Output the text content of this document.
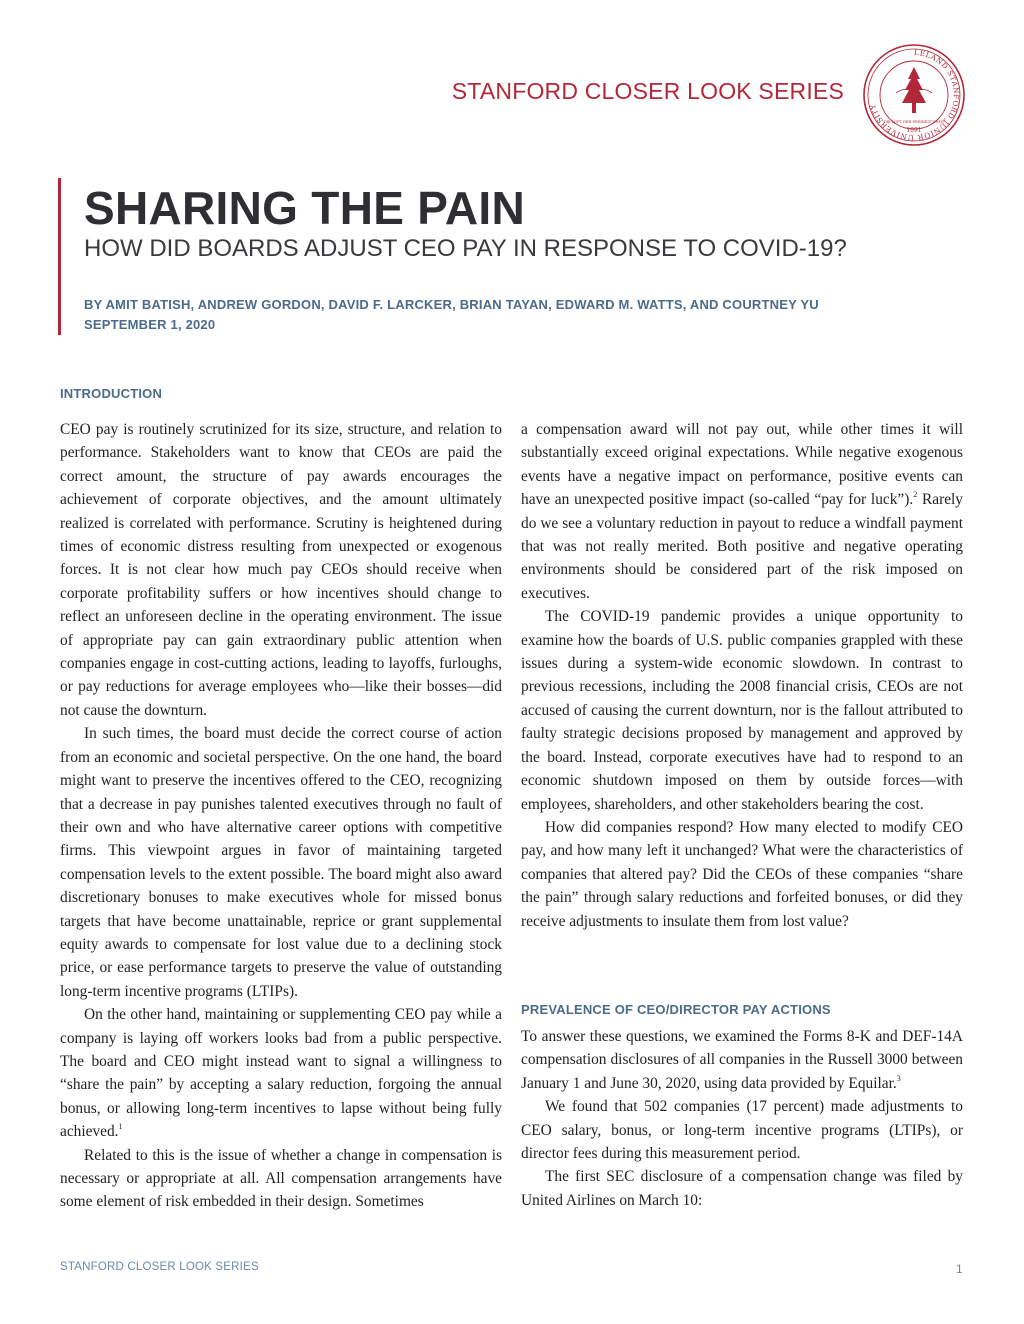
STANFORD CLOSER LOOK SERIES
LELAND STANFORD JUNIOR UNIVERSITY
DIE LUFT DER FREIHEIT WEHT
1891
SHARING THE PAIN
HOW DID BOARDS ADJUST CEO PAY IN RESPONSE TO COVID-19?
BY AMIT BATISH, ANDREW GORDON, DAVID F. LARCKER, BRIAN TAYAN, EDWARD M. WATTS, AND COURTNEY YU
SEPTEMBER 1, 2020
INTRODUCTION

CEO pay is routinely scrutinized for its size, structure, and relation to performance. Stakeholders want to know that CEOs are paid the correct amount, the structure of pay awards encourages the achievement of corporate objectives, and the amount ultimately realized is correlated with performance. Scrutiny is heightened during times of economic distress resulting from unexpected or exogenous forces. It is not clear how much pay CEOs should receive when corporate profitability suffers or how incentives should change to reflect an unforeseen decline in the operating environment. The issue of appropriate pay can gain extraordinary public attention when companies engage in cost-cutting actions, leading to layoffs, furloughs, or pay reductions for average employees who—like their bosses—did not cause the downturn.

In such times, the board must decide the correct course of action from an economic and societal perspective. On the one hand, the board might want to preserve the incentives offered to the CEO, recognizing that a decrease in pay punishes talented executives through no fault of their own and who have alternative career options with competitive firms. This viewpoint argues in favor of maintaining targeted compensation levels to the extent possible. The board might also award discretionary bonuses to make executives whole for missed bonus targets that have become unattainable, reprice or grant supplemental equity awards to compensate for lost value due to a declining stock price, or ease performance targets to preserve the value of outstanding long-term incentive programs (LTIPs).

On the other hand, maintaining or supplementing CEO pay while a company is laying off workers looks bad from a public perspective. The board and CEO might instead want to signal a willingness to “share the pain” by accepting a salary reduction, forgoing the annual bonus, or allowing long-term incentives to lapse without being fully achieved.$^1$

Related to this is the issue of whether a change in compensation is necessary or appropriate at all. All compensation arrangements have some element of risk embedded in their design. Sometimes

a compensation award will not pay out, while other times it will substantially exceed original expectations. While negative exogenous events have a negative impact on performance, positive events can have an unexpected positive impact (so-called “pay for luck”).$^2$ Rarely do we see a voluntary reduction in payout to reduce a windfall payment that was not really merited. Both positive and negative operating environments should be considered part of the risk imposed on executives.

The COVID-19 pandemic provides a unique opportunity to examine how the boards of U.S. public companies grappled with these issues during a system-wide economic slowdown. In contrast to previous recessions, including the 2008 financial crisis, CEOs are not accused of causing the current downturn, nor is the fallout attributed to faulty strategic decisions proposed by management and approved by the board. Instead, corporate executives have had to respond to an economic shutdown imposed on them by outside forces—with employees, shareholders, and other stakeholders bearing the cost.

How did companies respond? How many elected to modify CEO pay, and how many left it unchanged? What were the characteristics of companies that altered pay? Did the CEOs of these companies “share the pain” through salary reductions and forfeited bonuses, or did they receive adjustments to insulate them from lost value?

PREVALENCE OF CEO/DIRECTOR PAY ACTIONS

To answer these questions, we examined the Forms 8-K and DEF-14A compensation disclosures of all companies in the Russell 3000 between January 1 and June 30, 2020, using data provided by Equilar.$^3$

We found that 502 companies (17 percent) made adjustments to CEO salary, bonus, or long-term incentive programs (LTIPs), or director fees during this measurement period.

The first SEC disclosure of a compensation change was filed by United Airlines on March 10:

STANFORD CLOSER LOOK SERIES	1
